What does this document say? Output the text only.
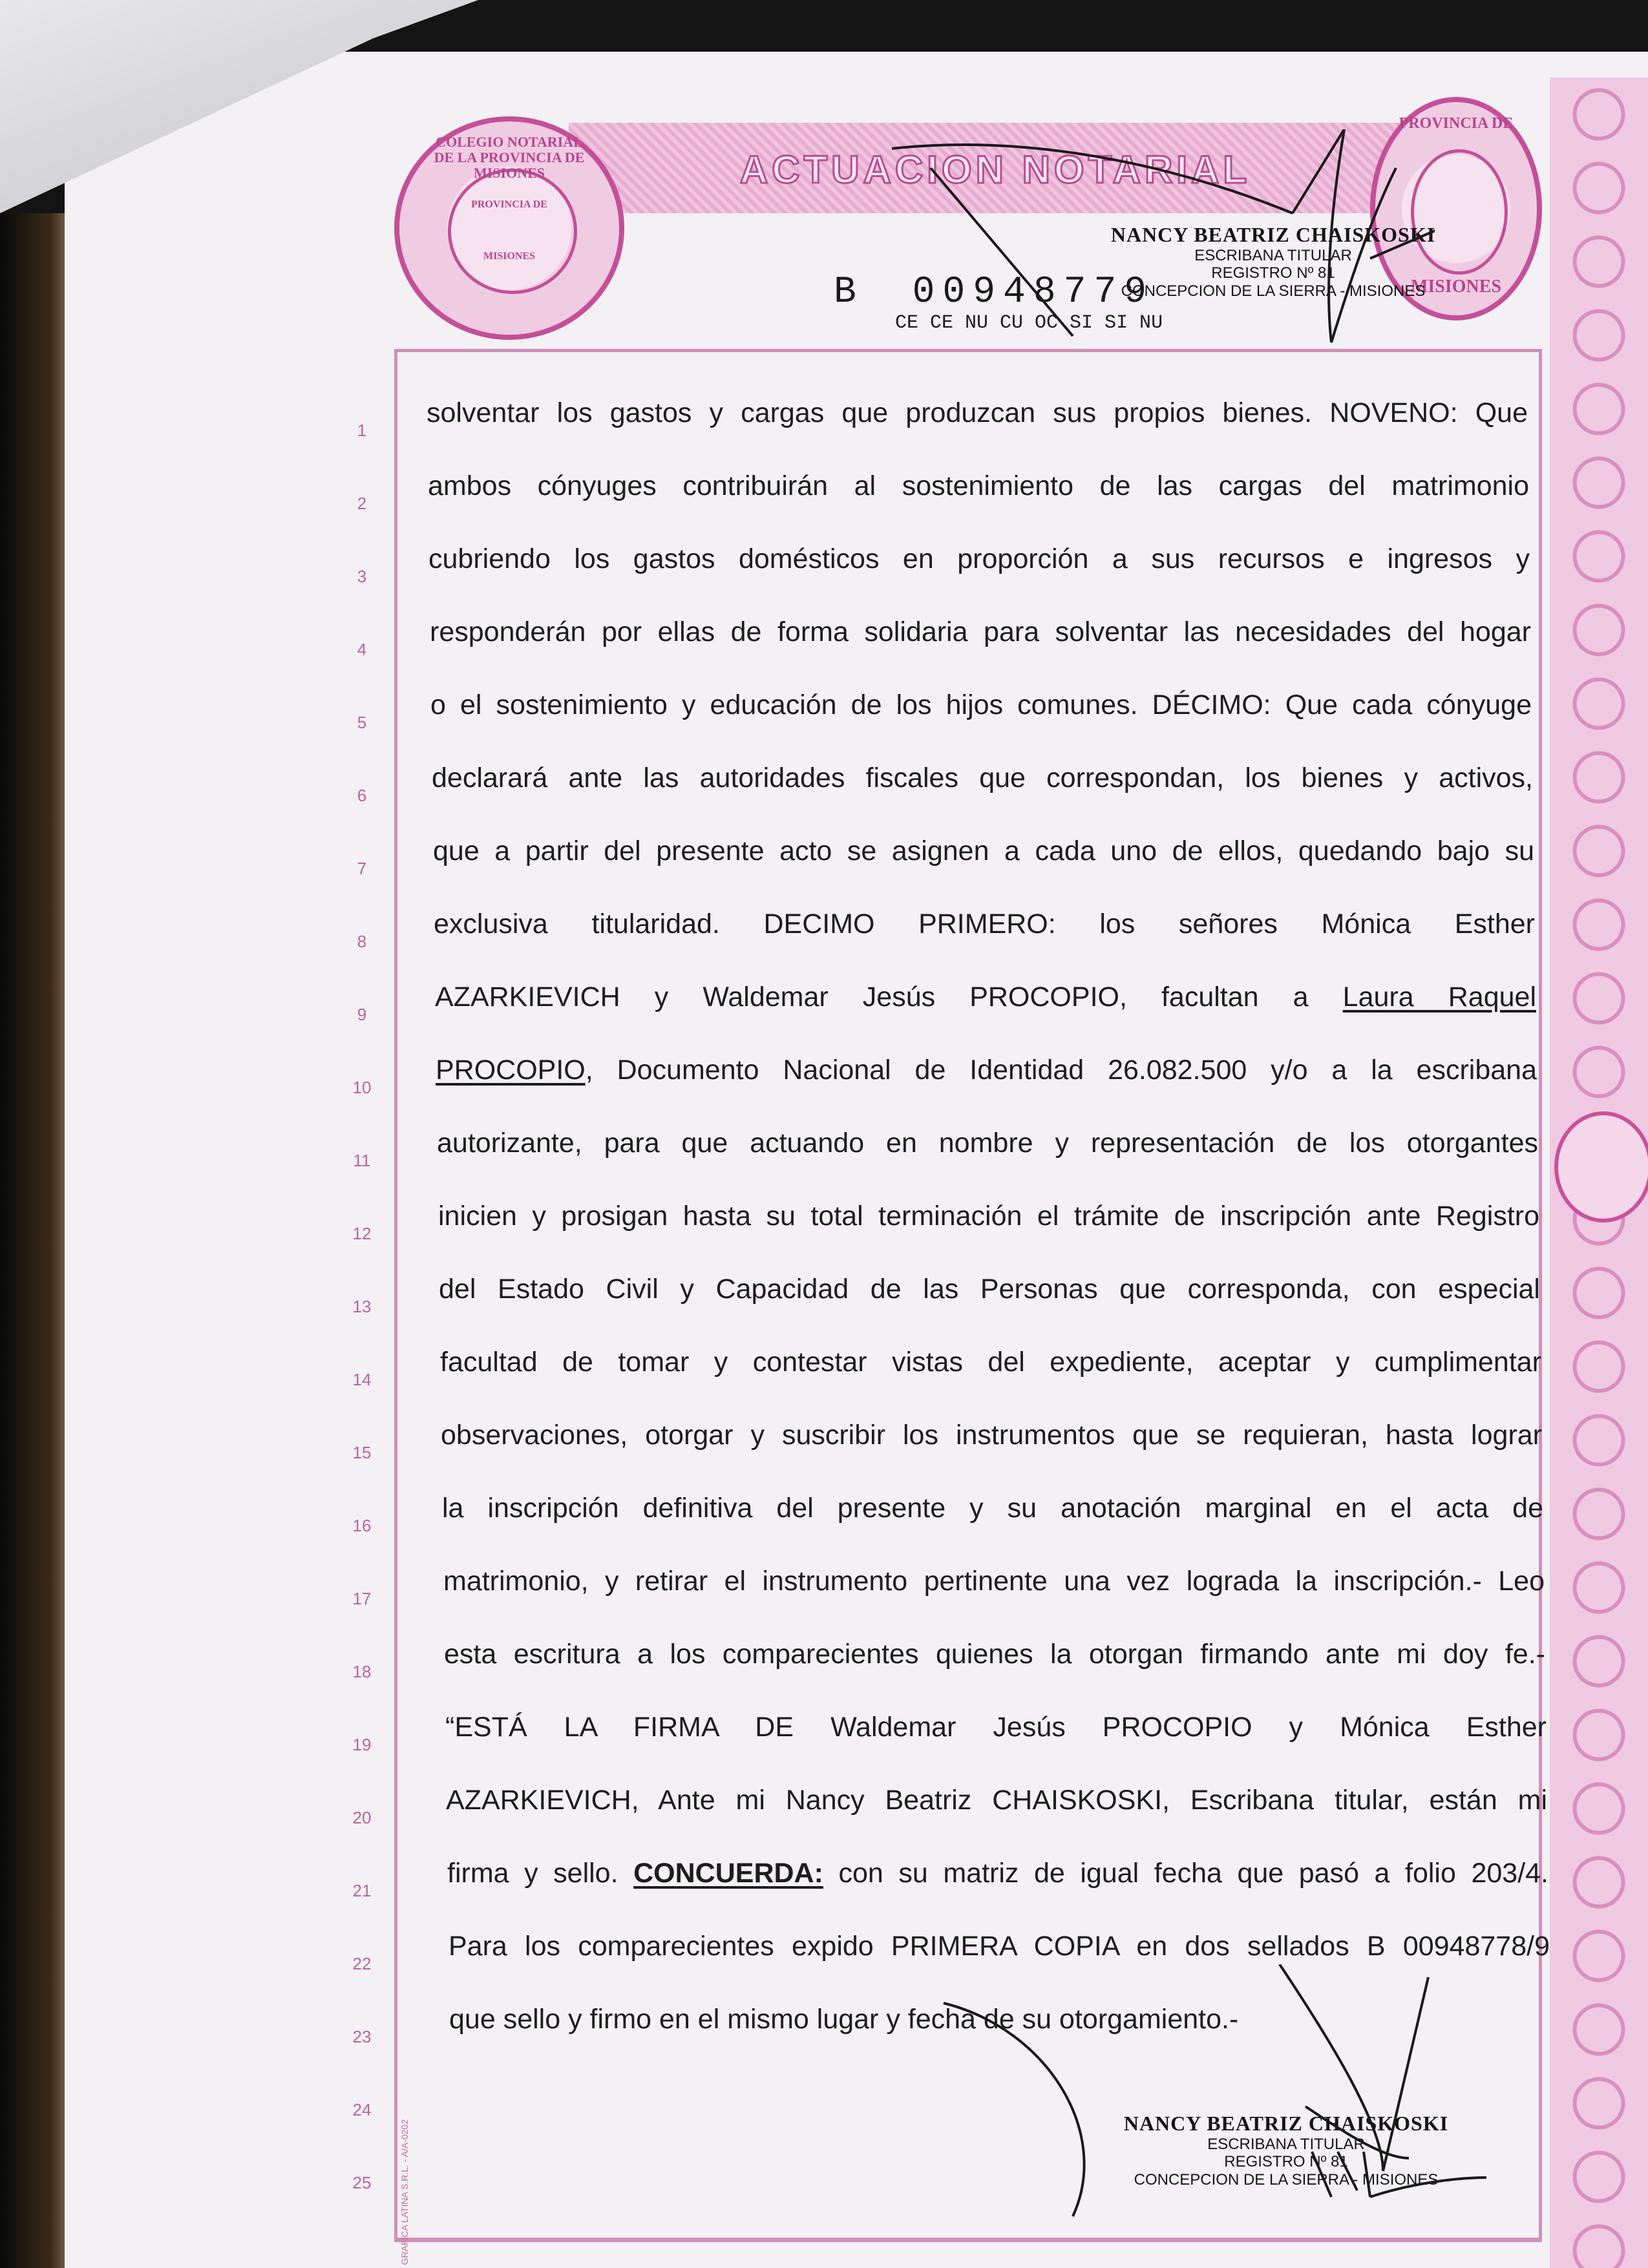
ACTUACION NOTARIAL
COLEGIO NOTARIAL DE LA PROVINCIA DE MISIONES
PROVINCIA DE
MISIONES
PROVINCIA DE
MISIONES
NANCY BEATRIZ CHAISKOSKI
ESCRIBANA TITULAR
REGISTRO Nº 81
CONCEPCION DE LA SIERRA - MISIONES
B 00948779
CE CE NU CU OC SI SI NU
1
solventar los gastos y cargas que produzcan sus propios bienes. NOVENO: Que
2
ambos cónyuges contribuirán al sostenimiento de las cargas del matrimonio
3
cubriendo los gastos domésticos en proporción a sus recursos e ingresos y
4
responderán por ellas de forma solidaria para solventar las necesidades del hogar
5
o el sostenimiento y educación de los hijos comunes. DÉCIMO: Que cada cónyuge
6
declarará ante las autoridades fiscales que correspondan, los bienes y activos,
7
que a partir del presente acto se asignen a cada uno de ellos, quedando bajo su
8
exclusiva titularidad. DECIMO PRIMERO: los señores Mónica Esther
9
AZARKIEVICH y Waldemar Jesús PROCOPIO, facultan a Laura Raquel
10
PROCOPIO, Documento Nacional de Identidad 26.082.500 y/o a la escribana
11
autorizante, para que actuando en nombre y representación de los otorgantes
12
inicien y prosigan hasta su total terminación el trámite de inscripción ante Registro
13
del Estado Civil y Capacidad de las Personas que corresponda, con especial
14
facultad de tomar y contestar vistas del expediente, aceptar y cumplimentar
15
observaciones, otorgar y suscribir los instrumentos que se requieran, hasta lograr
16
la inscripción definitiva del presente y su anotación marginal en el acta de
17
matrimonio, y retirar el instrumento pertinente una vez lograda la inscripción.- Leo
18
esta escritura a los comparecientes quienes la otorgan firmando ante mi doy fe.-
19
“ESTÁ LA FIRMA DE Waldemar Jesús PROCOPIO y Mónica Esther
20
AZARKIEVICH, Ante mi Nancy Beatriz CHAISKOSKI, Escribana titular, están mi
21
firma y sello. CONCUERDA: con su matriz de igual fecha que pasó a folio 203/4.
22
Para los comparecientes expido PRIMERA COPIA en dos sellados B 00948778/9
23
que sello y firmo en el mismo lugar y fecha de su otorgamiento.-
24
25
NANCY BEATRIZ CHAISKOSKI
ESCRIBANA TITULAR
REGISTRO Nº 81
CONCEPCION DE LA SIERRA - MISIONES
GRAFICA LATINA S.R.L. - A/A-0202
